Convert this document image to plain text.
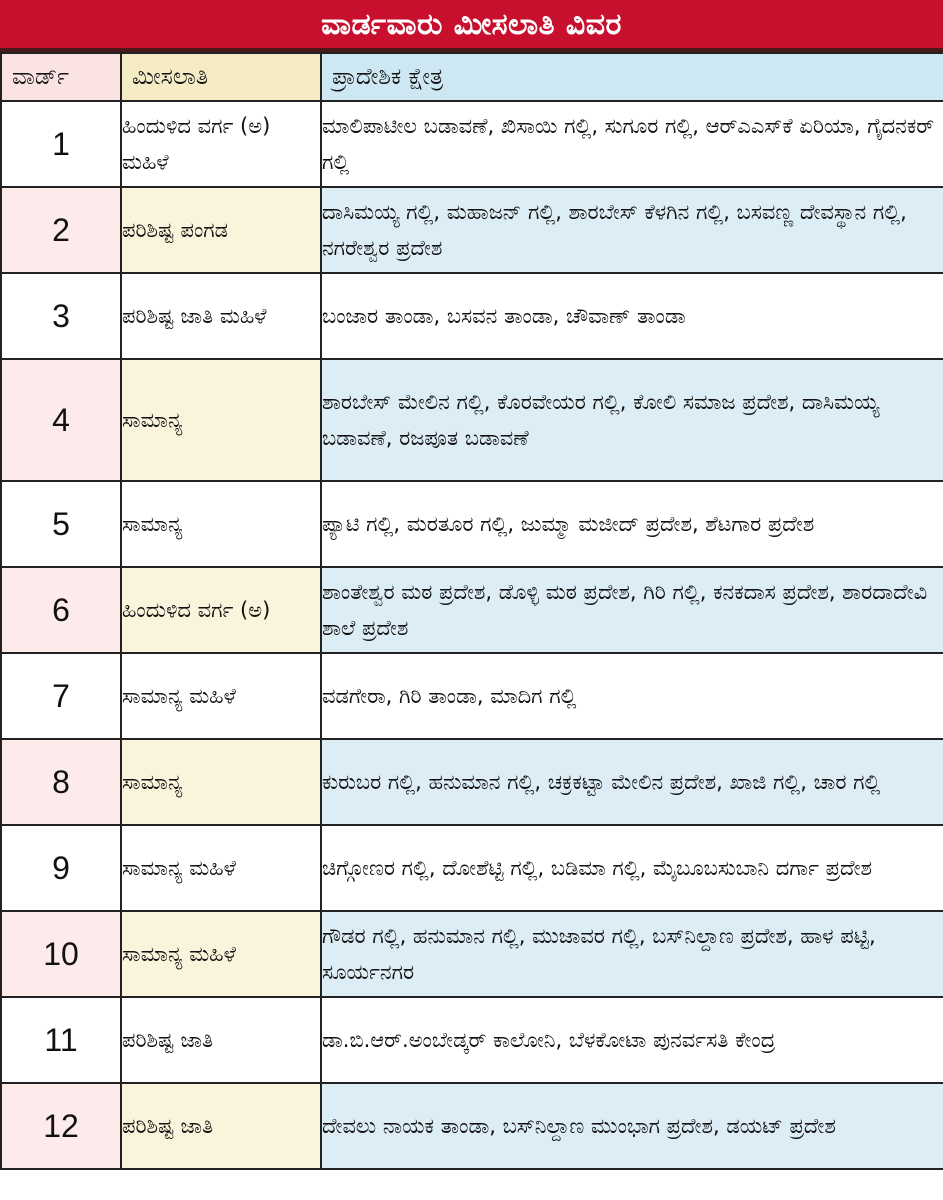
ವಾರ್ಡವಾರು ಮೀಸಲಾತಿ ವಿವರ
ವಾರ್ಡ್	ಮೀಸಲಾತಿ	ಪ್ರಾದೇಶಿಕ ಕ್ಷೇತ್ರ
1	ಹಿಂದುಳಿದ ವರ್ಗ (ಅ) ಮಹಿಳೆ	ಮಾಲಿಪಾಟೀಲ ಬಡಾವಣೆ, ಖಿಸಾಯಿ ಗಲ್ಲಿ, ಸುಗೂರ ಗಲ್ಲಿ, ಆರ್‌ಎಎಸ್‌ಕೆ ಏರಿಯಾ, ಗೈದನಕರ್ ಗಲ್ಲಿ
2	ಪರಿಶಿಷ್ಟ ಪಂಗಡ	ದಾಸಿಮಯ್ಯ ಗಲ್ಲಿ, ಮಹಾಜನ್ ಗಲ್ಲಿ, ಶಾರಬೇಸ್ ಕೆಳಗಿನ ಗಲ್ಲಿ, ಬಸವಣ್ಣ ದೇವಸ್ಥಾನ ಗಲ್ಲಿ, ನಗರೇಶ್ವರ ಪ್ರದೇಶ
3	ಪರಿಶಿಷ್ಟ ಜಾತಿ ಮಹಿಳೆ	ಬಂಜಾರ ತಾಂಡಾ, ಬಸವನ ತಾಂಡಾ, ಚೌವಾಣ್ ತಾಂಡಾ
4	ಸಾಮಾನ್ಯ	ಶಾರಬೇಸ್ ಮೇಲಿನ ಗಲ್ಲಿ, ಕೊರವೇಯರ ಗಲ್ಲಿ, ಕೋಲಿ ಸಮಾಜ ಪ್ರದೇಶ, ದಾಸಿಮಯ್ಯ ಬಡಾವಣೆ, ರಜಪೂತ ಬಡಾವಣೆ
5	ಸಾಮಾನ್ಯ	ಪ್ಯಾಟಿ ಗಲ್ಲಿ, ಮರತೂರ ಗಲ್ಲಿ, ಜುಮ್ಮಾ ಮಜೀದ್ ಪ್ರದೇಶ, ಶೆಟಗಾರ ಪ್ರದೇಶ
6	ಹಿಂದುಳಿದ ವರ್ಗ (ಅ)	ಶಾಂತೇಶ್ವರ ಮಠ ಪ್ರದೇಶ, ಡೊಳ್ಳಿ ಮಠ ಪ್ರದೇಶ, ಗಿರಿ ಗಲ್ಲಿ, ಕನಕದಾಸ ಪ್ರದೇಶ, ಶಾರದಾದೇವಿ ಶಾಲೆ ಪ್ರದೇಶ
7	ಸಾಮಾನ್ಯ ಮಹಿಳೆ	ವಡಗೇರಾ, ಗಿರಿ ತಾಂಡಾ, ಮಾದಿಗ ಗಲ್ಲಿ
8	ಸಾಮಾನ್ಯ	ಕುರುಬರ ಗಲ್ಲಿ, ಹನುಮಾನ ಗಲ್ಲಿ, ಚಕ್ರಕಟ್ಟಾ ಮೇಲಿನ ಪ್ರದೇಶ, ಖಾಜಿ ಗಲ್ಲಿ, ಚಾರ ಗಲ್ಲಿ
9	ಸಾಮಾನ್ಯ ಮಹಿಳೆ	ಚಿಗ್ಗೋಣರ ಗಲ್ಲಿ, ದೋಶೆಟ್ಟಿ ಗಲ್ಲಿ, ಬಡಿಮಾ ಗಲ್ಲಿ, ಮೈಬೂಬಸುಬಾನಿ ದರ್ಗಾ ಪ್ರದೇಶ
10	ಸಾಮಾನ್ಯ ಮಹಿಳೆ	ಗೌಡರ ಗಲ್ಲಿ, ಹನುಮಾನ ಗಲ್ಲಿ, ಮುಜಾವರ ಗಲ್ಲಿ, ಬಸ್‌ನಿಲ್ದಾಣ ಪ್ರದೇಶ, ಹಾಳ ಪಟ್ಟಿ, ಸೂರ್ಯನಗರ
11	ಪರಿಶಿಷ್ಟ ಜಾತಿ	ಡಾ.ಬಿ.ಆರ್.ಅಂಬೇಡ್ಕರ್ ಕಾಲೋನಿ, ಬೆಳಕೋಟಾ ಪುನರ್ವಸತಿ ಕೇಂದ್ರ
12	ಪರಿಶಿಷ್ಟ ಜಾತಿ	ದೇವಲು ನಾಯಕ ತಾಂಡಾ, ಬಸ್‌ನಿಲ್ದಾಣ ಮುಂಭಾಗ ಪ್ರದೇಶ, ಡಯಟ್ ಪ್ರದೇಶ
